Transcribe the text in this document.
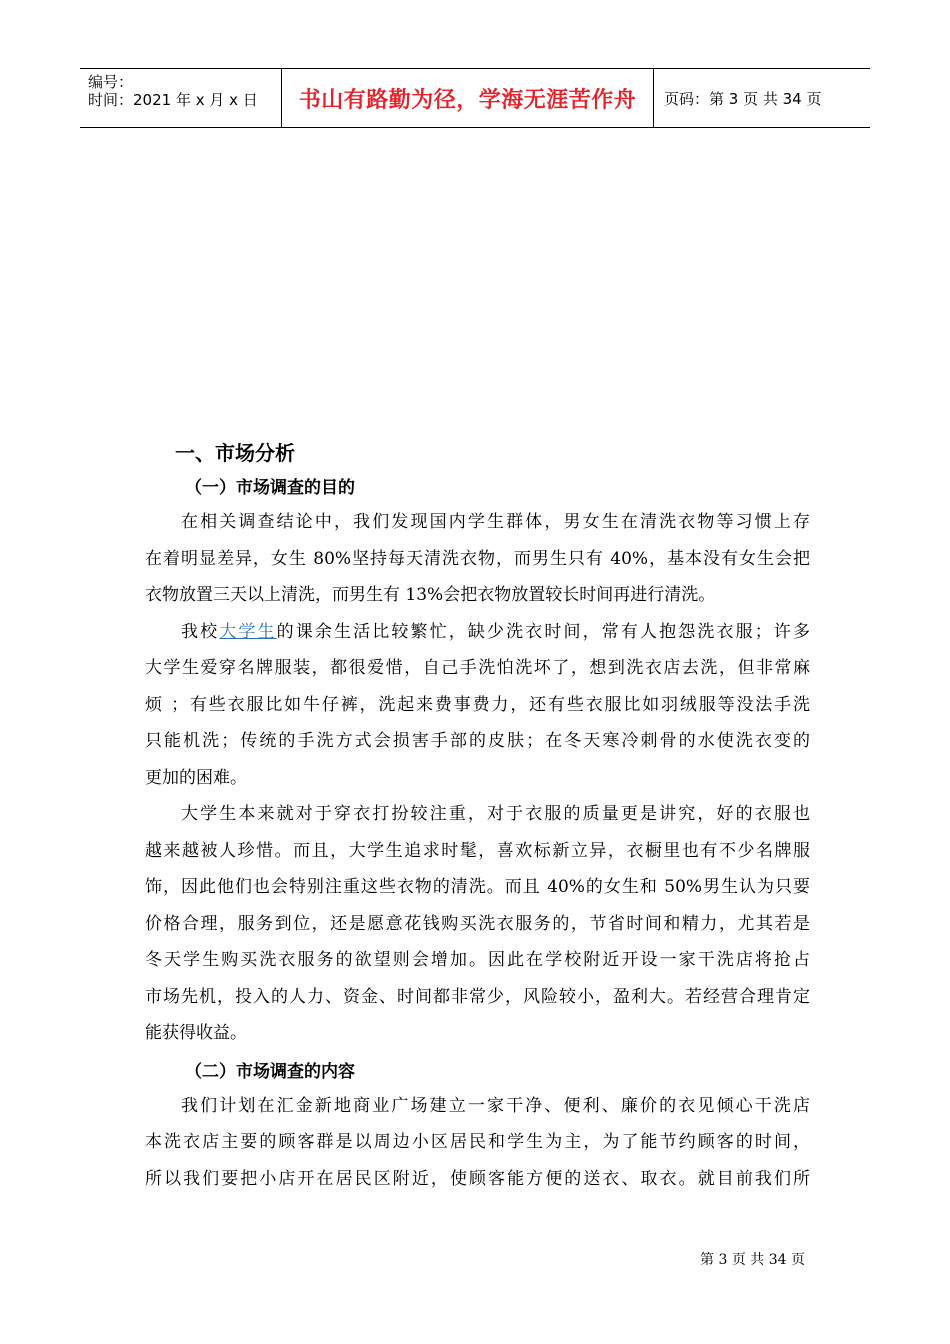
编号：
时间：2021 年 x 月 x 日	书山有路勤为径，学海无涯苦作舟 页码：第 3 页 共 34 页
一、市场分析
（一）市场调查的目的
在相关调查结论中，我们发现国内学生群体，男女生在清洗衣物等习惯上存
在着明显差异，女生 80%坚持每天清洗衣物，而男生只有 40%，基本没有女生会把
衣物放置三天以上清洗，而男生有 13%会把衣物放置较长时间再进行清洗。
我校大学生的课余生活比较繁忙，缺少洗衣时间，常有人抱怨洗衣服；许多
大学生爱穿名牌服装，都很爱惜，自己手洗怕洗坏了，想到洗衣店去洗，但非常麻
烦 ；有些衣服比如牛仔裤，洗起来费事费力，还有些衣服比如羽绒服等没法手洗
只能机洗；传统的手洗方式会损害手部的皮肤；在冬天寒冷刺骨的水使洗衣变的
更加的困难。
大学生本来就对于穿衣打扮较注重，对于衣服的质量更是讲究，好的衣服也
越来越被人珍惜。而且，大学生追求时髦，喜欢标新立异，衣橱里也有不少名牌服
饰，因此他们也会特别注重这些衣物的清洗。而且 40%的女生和 50%男生认为只要
价格合理，服务到位，还是愿意花钱购买洗衣服务的，节省时间和精力，尤其若是
冬天学生购买洗衣服务的欲望则会增加。因此在学校附近开设一家干洗店将抢占
市场先机，投入的人力、资金、时间都非常少，风险较小，盈利大。若经营合理肯定
能获得收益。
（二）市场调查的内容
我们计划在汇金新地商业广场建立一家干净、便利、廉价的衣见倾心干洗店
本洗衣店主要的顾客群是以周边小区居民和学生为主，为了能节约顾客的时间，
所以我们要把小店开在居民区附近，使顾客能方便的送衣、取衣。就目前我们所
第 3 页 共 34 页
